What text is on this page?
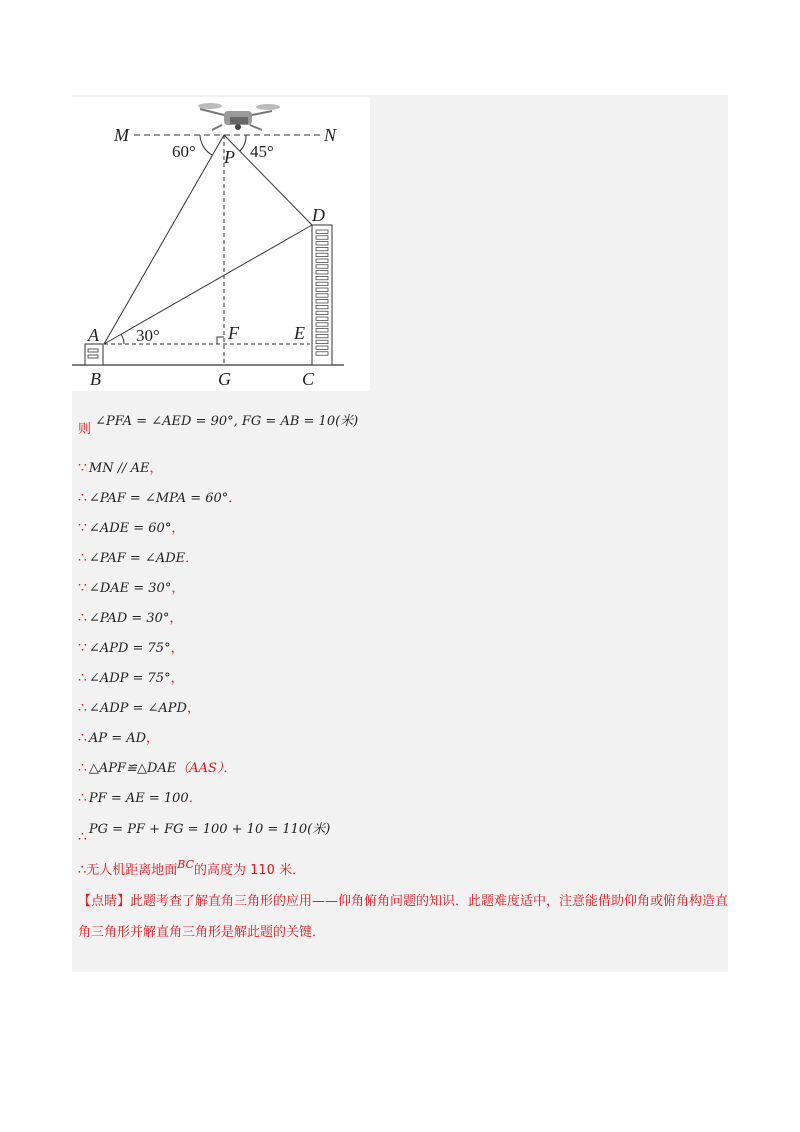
M	N
P
D
A	F	E
B	G	C
60°	45°
30°
则 ∠PFA = ∠AED = 90°, FG = AB = 10(米)
∴无人机距离地面$^{BC}$的高度为 110 米．
【点睛】此题考查了解直角三角形的应用——仰角俯角问题的知识．此题难度适中，注意能借助仰角或俯角构造直角三角形并解直角三角形是解此题的关键．
∵ MN // AE，
∴ ∠PAF = ∠MPA = 60°．
∵ ∠ADE = 60°，
∴ ∠PAF = ∠ADE．
∵ ∠DAE = 30°，
∴ ∠PAD = 30°，
∵ ∠APD = 75°，
∴ ∠ADP = 75°，
∴ ∠ADP = ∠APD，
∴ AP = AD，
∴ △APF≌△DAE（AAS）．
∴ PF = AE = 100．
∴ PG = PF + FG = 100 + 10 = 110(米)
